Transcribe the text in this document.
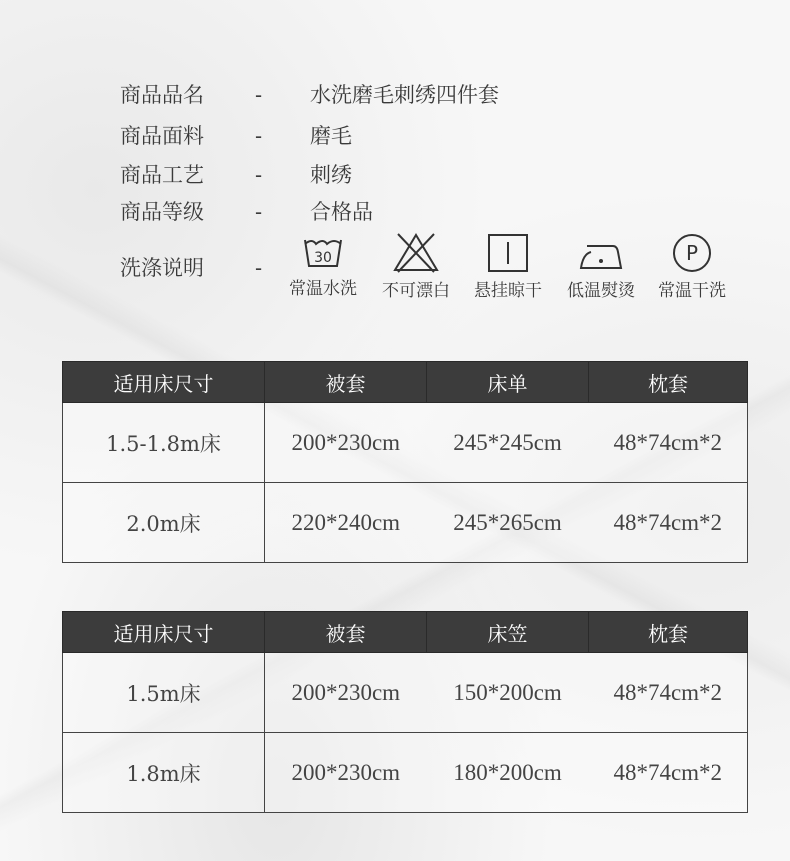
商品品名 - 水洗磨毛刺绣四件套
商品面料 - 磨毛
商品工艺 - 刺绣
商品等级 - 合格品
洗涤说明 -	30
常温水洗	不可漂白	悬挂晾干	低温熨烫
P
常温干洗
适用床尺寸	被套	床单	枕套
1.5-1.8m床	200*230cm	245*245cm	48*74cm*2
2.0m床	220*240cm	245*265cm	48*74cm*2
适用床尺寸	被套	床笠	枕套
1.5m床	200*230cm	150*200cm	48*74cm*2
1.8m床	200*230cm	180*200cm	48*74cm*2
